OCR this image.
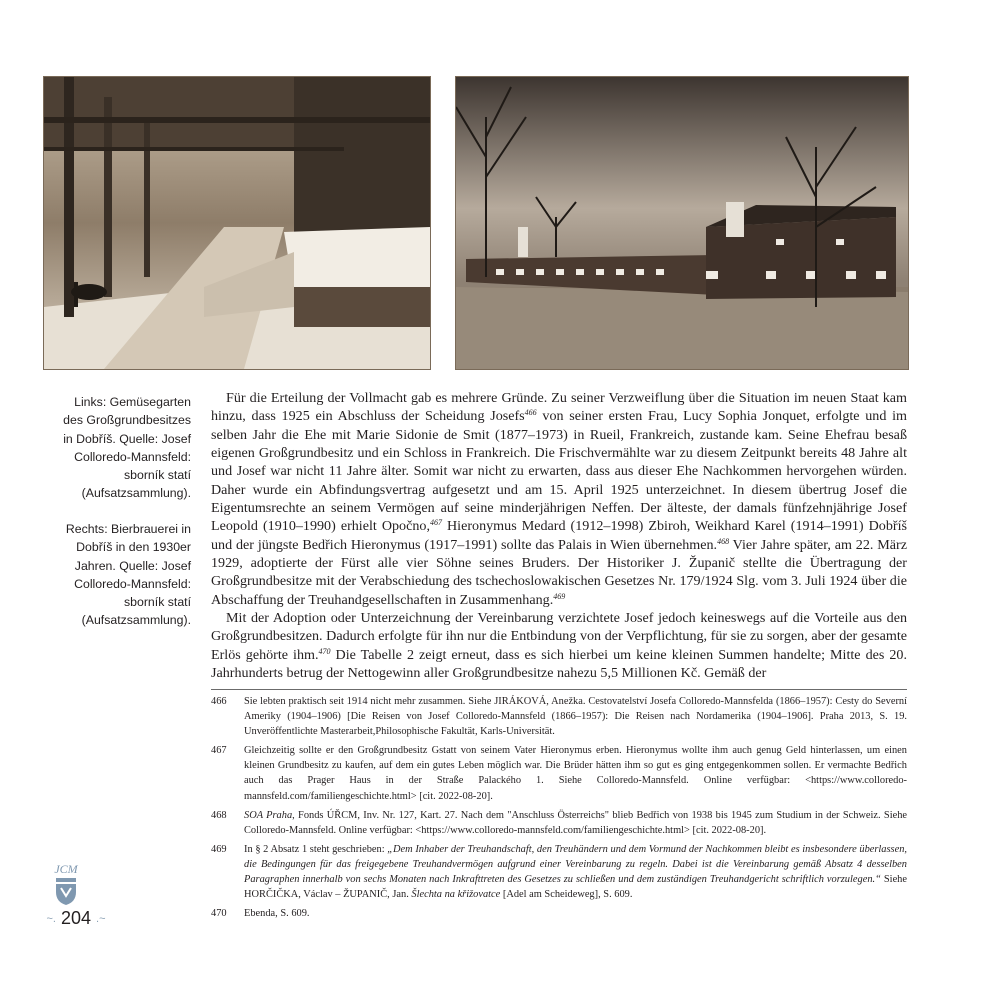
Links: Gemüsegarten des Großgrundbesitzes in Dobříš. Quelle: Josef Colloredo-Mannsfeld: sborník statí (Aufsatzsammlung).
Rechts: Bierbrauerei in Dobříš in den 1930er Jahren. Quelle: Josef Colloredo-Mannsfeld: sborník statí (Aufsatzsammlung).

Für die Erteilung der Vollmacht gab es mehrere Gründe. Zu seiner Verzweiflung über die Situation im neuen Staat kam hinzu, dass 1925 ein Abschluss der Scheidung Josefs$^{466}$ von seiner ersten Frau, Lucy Sophia Jonquet, erfolgte und im selben Jahr die Ehe mit Marie Sidonie de Smit (1877–1973) in Rueil, Frankreich, zustande kam. Seine Ehefrau besaß eigenen Großgrundbesitz und ein Schloss in Frankreich. Die Frischvermählte war zu diesem Zeitpunkt bereits 48 Jahre alt und Josef war nicht 11 Jahre älter. Somit war nicht zu erwarten, dass aus dieser Ehe Nachkommen hervorgehen würden. Daher wurde ein Abfindungsvertrag aufgesetzt und am 15. April 1925 unterzeichnet. In diesem übertrug Josef die Eigentumsrechte an seinem Vermögen auf seine minderjährigen Neffen. Der älteste, der damals fünfzehnjährige Josef Leopold (1910–1990) erhielt Opočno,$^{467}$ Hieronymus Medard (1912–1998) Zbiroh, Weikhard Karel (1914–1991) Dobříš und der jüngste Bedřich Hieronymus (1917–1991) sollte das Palais in Wien übernehmen.$^{468}$ Vier Jahre später, am 22. März 1929, adoptierte der Fürst alle vier Söhne seines Bruders. Der Historiker J. Županič stellte die Übertragung der Großgrundbesitze mit der Verabschiedung des tschechoslowakischen Gesetzes Nr. 179/1924 Slg. vom 3. Juli 1924 über die Abschaffung der Treuhandgesellschaften in Zusammenhang.$^{469}$

Mit der Adoption oder Unterzeichnung der Vereinbarung verzichtete Josef jedoch keineswegs auf die Vorteile aus den Großgrundbesitzen. Dadurch erfolgte für ihn nur die Entbindung von der Verpflichtung, für sie zu sorgen, aber der gesamte Erlös gehörte ihm.$^{470}$ Die Tabelle 2 zeigt erneut, dass es sich hierbei um keine kleinen Summen handelte; Mitte des 20. Jahrhunderts betrug der Nettogewinn aller Großgrundbesitze nahezu 5,5 Millionen Kč. Gemäß der

466	Sie lebten praktisch seit 1914 nicht mehr zusammen. Siehe JIRÁKOVÁ, Anežka. Cestovatelství Josefa Colloredo-Mannsfelda (1866–1957): Cesty do Severní Ameriky (1904–1906) [Die Reisen von Josef Colloredo-Mannsfeld (1866–1957): Die Reisen nach Nordamerika (1904–1906]. Praha 2013, S. 19. Unveröffentlichte Masterarbeit,Philosophische Fakultät, Karls-Universität.
467	Gleichzeitig sollte er den Großgrundbesitz Gstatt von seinem Vater Hieronymus erben. Hieronymus wollte ihm auch genug Geld hinterlassen, um einen kleinen Grundbesitz zu kaufen, auf dem ein gutes Leben möglich war. Die Brüder hätten ihm so gut es ging entgegenkommen sollen. Er vermachte Bedřich auch das Prager Haus in der Straße Palackého 1. Siehe Colloredo-Mannsfeld. Online verfügbar: <https://www.colloredo-mannsfeld.com/familiengeschichte.html> [cit. 2022-08-20].
468	SOA Praha, Fonds ÚŘCM, Inv. Nr. 127, Kart. 27. Nach dem "Anschluss Österreichs" blieb Bedřich von 1938 bis 1945 zum Studium in der Schweiz. Siehe Colloredo-Mannsfeld. Online verfügbar: <https://www.colloredo-mannsfeld.com/familiengeschichte.html> [cit. 2022-08-20].
469	In § 2 Absatz 1 steht geschrieben: „Dem Inhaber der Treuhandschaft, den Treuhändern und dem Vormund der Nachkommen bleibt es insbesondere überlassen, die Bedingungen für das freigegebene Treuhandvermögen aufgrund einer Vereinbarung zu regeln. Dabei ist die Vereinbarung gemäß Absatz 4 desselben Paragraphen innerhalb von sechs Monaten nach Inkrafttreten des Gesetzes zu schließen und dem zuständigen Treuhandgericht schriftlich vorzulegen.“ Siehe HORČIČKA, Václav – ŽUPANIČ, Jan. Šlechta na křižovatce [Adel am Scheideweg], S. 609.
470	Ebenda, S. 609.
JCM
~. 204 .~
